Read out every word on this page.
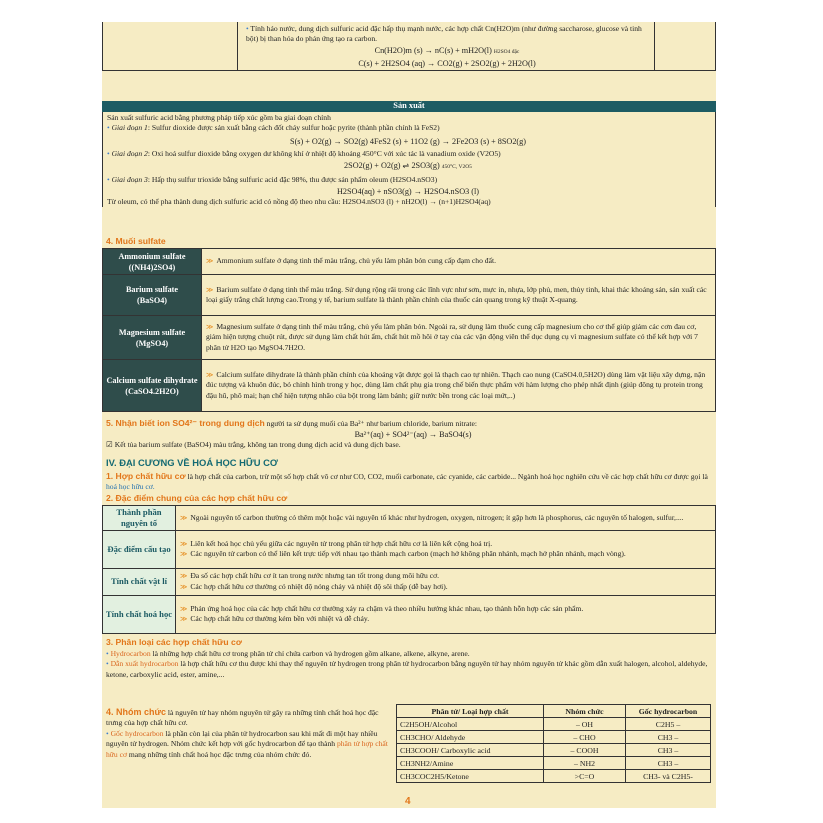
• Tính háo nước, dung dịch sulfuric acid đặc hấp thụ mạnh nước, các hợp chất Cn(H2O)m (như đường saccharose, glucose và tinh bột) bị than hóa do phản ứng tạo ra carbon.
Cn(H2O)m (s) → nC(s) + mH2O(l) H2SO4 đặc
C(s) + 2H2SO4 (aq) → CO2(g) + 2SO2(g) + 2H2O(l)

Sản xuất
Sản xuất sulfuric acid bằng phương pháp tiếp xúc gồm ba giai đoạn chính
• Giai đoạn 1: Sulfur dioxide được sản xuất bằng cách đốt cháy sulfur hoặc pyrite (thành phần chính là FeS2)
S(s) + O2(g) → SO2(g) 4FeS2 (s) + 11O2 (g) → 2Fe2O3 (s) + 8SO2(g)
• Giai đoạn 2: Oxi hoá sulfur dioxide bằng oxygen dư không khí ở nhiệt độ khoảng 450°C với xúc tác là vanadium oxide (V2O5)
2SO2(g) + O2(g) ⇌ 2SO3(g) 450°C, V2O5
• Giai đoạn 3: Hấp thụ sulfur trioxide bằng sulfuric acid đặc 98%, thu được sản phẩm oleum (H2SO4.nSO3)
H2SO4(aq) + nSO3(g) → H2SO4.nSO3 (l)
Từ oleum, có thể pha thành dung dịch sulfuric acid có nồng độ theo nhu cầu: H2SO4.nSO3 (l) + nH2O(l) → (n+1)H2SO4(aq)
4. Muối sulfate
Ammonium sulfate
((NH4)2SO4)	≫ Ammonium sulfate ở dạng tinh thể màu trắng, chủ yếu làm phân bón cung cấp đạm cho đất.

Barium sulfate
(BaSO4)	≫ Barium sulfate ở dạng tinh thể màu trắng. Sử dụng rộng rãi trong các lĩnh vực như sơn, mực in, nhựa, lớp phủ, men, thủy tinh, khai thác khoáng sản, sản xuất các loại giấy trắng chất lượng cao.Trong y tế, barium sulfate là thành phần chính của thuốc cản quang trong kỹ thuật X-quang.

Magnesium sulfate
(MgSO4)	≫ Magnesium sulfate ở dạng tinh thể màu trắng, chủ yếu làm phân bón. Ngoài ra, sử dụng làm thuốc cung cấp magnesium cho cơ thể giúp giảm các cơn đau cơ, giảm hiện tượng chuột rút, được sử dụng làm chất hút ẩm, chất hút mồ hôi ở tay của các vận động viên thể dục dụng cụ vì magnesium sulfate có thể kết hợp với 7 phân tử H2O tạo MgSO4.7H2O.

Calcium sulfate dihydrate
(CaSO4.2H2O)	≫ Calcium sulfate dihydrate là thành phần chính của khoáng vật được gọi là thạch cao tự nhiên. Thạch cao nung (CaSO4.0,5H2O) dùng làm vật liệu xây dựng, nặn đúc tượng và khuôn đúc, bó chỉnh hình trong y học, dùng làm chất phụ gia trong chế biến thực phẩm với hàm lượng cho phép nhất định (giúp đông tụ protein trong đậu hũ, phô mai; hạn chế hiện tượng nhão của bột trong làm bánh; giữ nước bền trong các loại mứt,..)
5. Nhận biết ion SO4²⁻ trong dung dịch người ta sử dụng muối của Ba²⁺ như barium chloride, barium nitrate:
Ba²⁺(aq) + SO4²⁻(aq) → BaSO4(s)
☑ Kết tủa barium sulfate (BaSO4) màu trắng, không tan trong dung dịch acid và dung dịch base.
IV. ĐẠI CƯƠNG VỀ HOÁ HỌC HỮU CƠ
1. Hợp chất hữu cơ là hợp chất của carbon, trừ một số hợp chất vô cơ như CO, CO2, muối carbonate, các cyanide, các carbide... Ngành hoá học nghiên cứu về các hợp chất hữu cơ được gọi là hoá học hữu cơ.
2. Đặc điểm chung của các hợp chất hữu cơ
Thành phần nguyên tố	≫ Ngoài nguyên tố carbon thường có thêm một hoặc vài nguyên tố khác như hydrogen, oxygen, nitrogen; ít gặp hơn là phosphorus, các nguyên tố halogen, sulfur,....
Đặc điểm cấu tạo	≫ Liên kết hoá học chủ yếu giữa các nguyên tử trong phân tử hợp chất hữu cơ là liên kết cộng hoá trị.
≫ Các nguyên tử carbon có thể liên kết trực tiếp với nhau tạo thành mạch carbon (mạch hở không phân nhánh, mạch hở phân nhánh, mạch vòng).

Tính chất vật lí	≫ Đa số các hợp chất hữu cơ ít tan trong nước nhưng tan tốt trong dung môi hữu cơ.
≫ Các hợp chất hữu cơ thường có nhiệt độ nóng chảy và nhiệt độ sôi thấp (dễ bay hơi).

Tính chất hoá học	≫ Phản ứng hoá học của các hợp chất hữu cơ thường xảy ra chậm và theo nhiều hướng khác nhau, tạo thành hỗn hợp các sản phẩm.
≫ Các hợp chất hữu cơ thường kém bền với nhiệt và dễ cháy.
3. Phân loại các hợp chất hữu cơ
• Hydrocarbon là những hợp chất hữu cơ trong phân tử chỉ chứa carbon và hydrogen gồm alkane, alkene, alkyne, arene.
• Dẫn xuất hydrocarbon là hợp chất hữu cơ thu được khi thay thế nguyên tử hydrogen trong phân tử hydrocarbon bằng nguyên tử hay nhóm nguyên tử khác gồm dẫn xuất halogen, alcohol, aldehyde, ketone, carboxylic acid, ester, amine,...
4. Nhóm chức là nguyên tử hay nhóm nguyên tử gây ra những tính chất hoá học đặc trưng của hợp chất hữu cơ.
• Gốc hydrocarbon là phần còn lại của phân tử hydrocarbon sau khi mất đi một hay nhiều nguyên tử hydrogen. Nhóm chức kết hợp với gốc hydrocarbon để tạo thành phân tử hợp chất hữu cơ mang những tính chất hoá học đặc trưng của nhóm chức đó.
Phân tử/ Loại hợp chất	Nhóm chức	Gốc hydrocarbon
C2H5OH/Alcohol	– OH	C2H5 –
CH3CHO/ Aldehyde	– CHO	CH3 –
CH3COOH/ Carboxylic acid	– COOH	CH3 –
CH3NH2/Amine	– NH2	CH3 –
CH3COC2H5/Ketone	>C=O	CH3- và C2H5-
4
